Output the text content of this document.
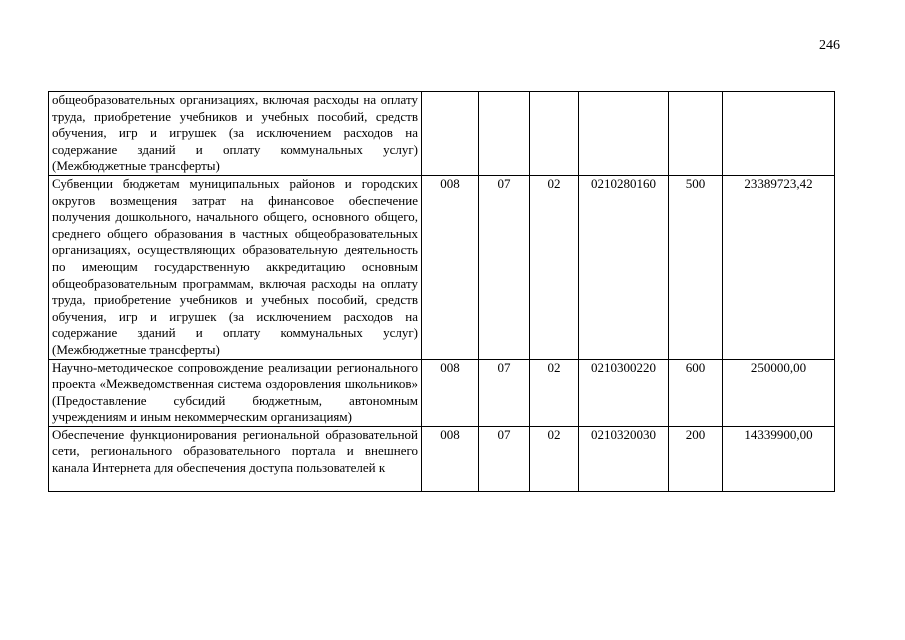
246
общеобразовательных организациях, включая расходы на оплату труда, приобретение учебников и учебных пособий, средств обучения, игр и игрушек (за исключением расходов на содержание зданий и оплату коммунальных услуг) (Межбюджетные трансферты)						
Субвенции бюджетам муниципальных районов и городских округов возмещения затрат на финансовое обеспечение получения дошкольного, начального общего, основного общего, среднего общего образования в частных общеобразовательных организациях, осуществляющих образовательную деятельность по имеющим государственную аккредитацию основным общеобразовательным программам, включая расходы на оплату труда, приобретение учебников и учебных пособий, средств обучения, игр и игрушек (за исключением расходов на содержание зданий и оплату коммунальных услуг) (Межбюджетные трансферты)	008	07	02	0210280160	500	23389723,42
Научно-методическое сопровождение реализации регионального проекта «Межведомственная система оздоровления школьников» (Предоставление субсидий бюджетным, автономным учреждениям и иным некоммерческим организациям)	008	07	02	0210300220	600	250000,00

Обеспечение функционирования региональной образовательной сети, регионального образовательного портала и внешнего канала Интернета для обеспечения доступа пользователей к	008	07	02	0210320030	200	14339900,00
